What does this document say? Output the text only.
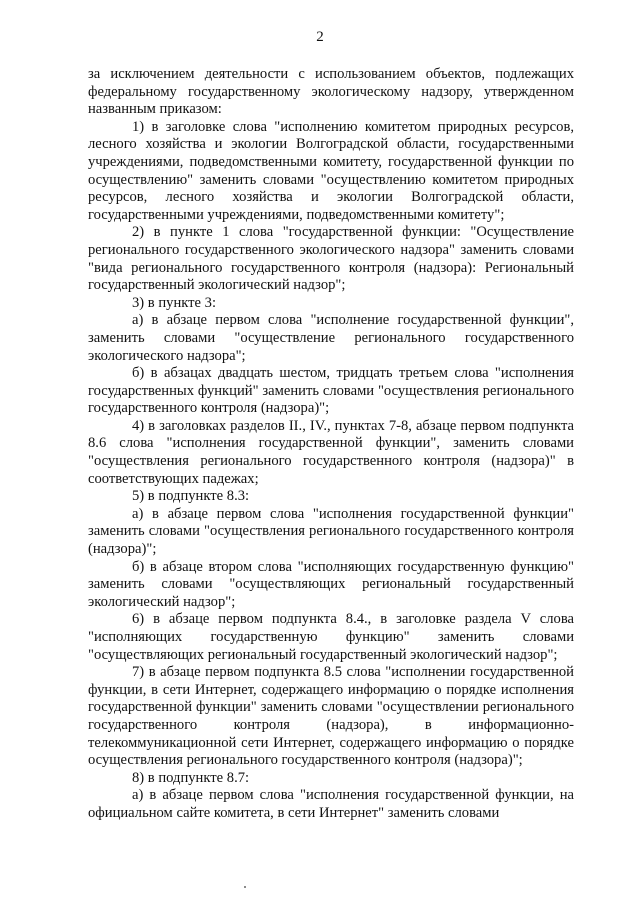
2

за исключением деятельности с использованием объектов, подлежащих федеральному государственному экологическому надзору, утвержденном названным приказом:

1) в заголовке слова "исполнению комитетом природных ресурсов, лесного хозяйства и экологии Волгоградской области, государственными учреждениями, подведомственными комитету, государственной функции по осуществлению" заменить словами "осуществлению комитетом природных ресурсов, лесного хозяйства и экологии Волгоградской области, государственными учреждениями, подведомственными комитету";

2) в пункте 1 слова "государственной функции: "Осуществление регионального государственного экологического надзора" заменить словами "вида регионального государственного контроля (надзора): Региональный государственный экологический надзор";

3) в пункте 3:

а) в абзаце первом слова "исполнение государственной функции", заменить словами "осуществление регионального государственного экологического надзора";

б) в абзацах двадцать шестом, тридцать третьем слова "исполнения государственных функций" заменить словами "осуществления регионального государственного контроля (надзора)";

4) в заголовках разделов II., IV., пунктах 7-8, абзаце первом подпункта 8.6 слова "исполнения государственной функции", заменить словами "осуществления регионального государственного контроля (надзора)" в соответствующих падежах;

5) в подпункте 8.3:

а) в абзаце первом слова "исполнения государственной функции" заменить словами "осуществления регионального государственного контроля (надзора)";

б) в абзаце втором слова "исполняющих государственную функцию" заменить словами "осуществляющих региональный государственный экологический надзор";

6) в абзаце первом подпункта 8.4., в заголовке раздела V слова "исполняющих государственную функцию" заменить словами "осуществляющих региональный государственный экологический надзор";

7) в абзаце первом подпункта 8.5 слова "исполнении государственной функции, в сети Интернет, содержащего информацию о порядке исполнения государственной функции" заменить словами "осуществлении регионального государственного контроля (надзора), в информационно-телекоммуникационной сети Интернет, содержащего информацию о порядке осуществления регионального государственного контроля (надзора)";

8) в подпункте 8.7:

а) в абзаце первом слова "исполнения государственной функции, на официальном сайте комитета, в сети Интернет" заменить словами
